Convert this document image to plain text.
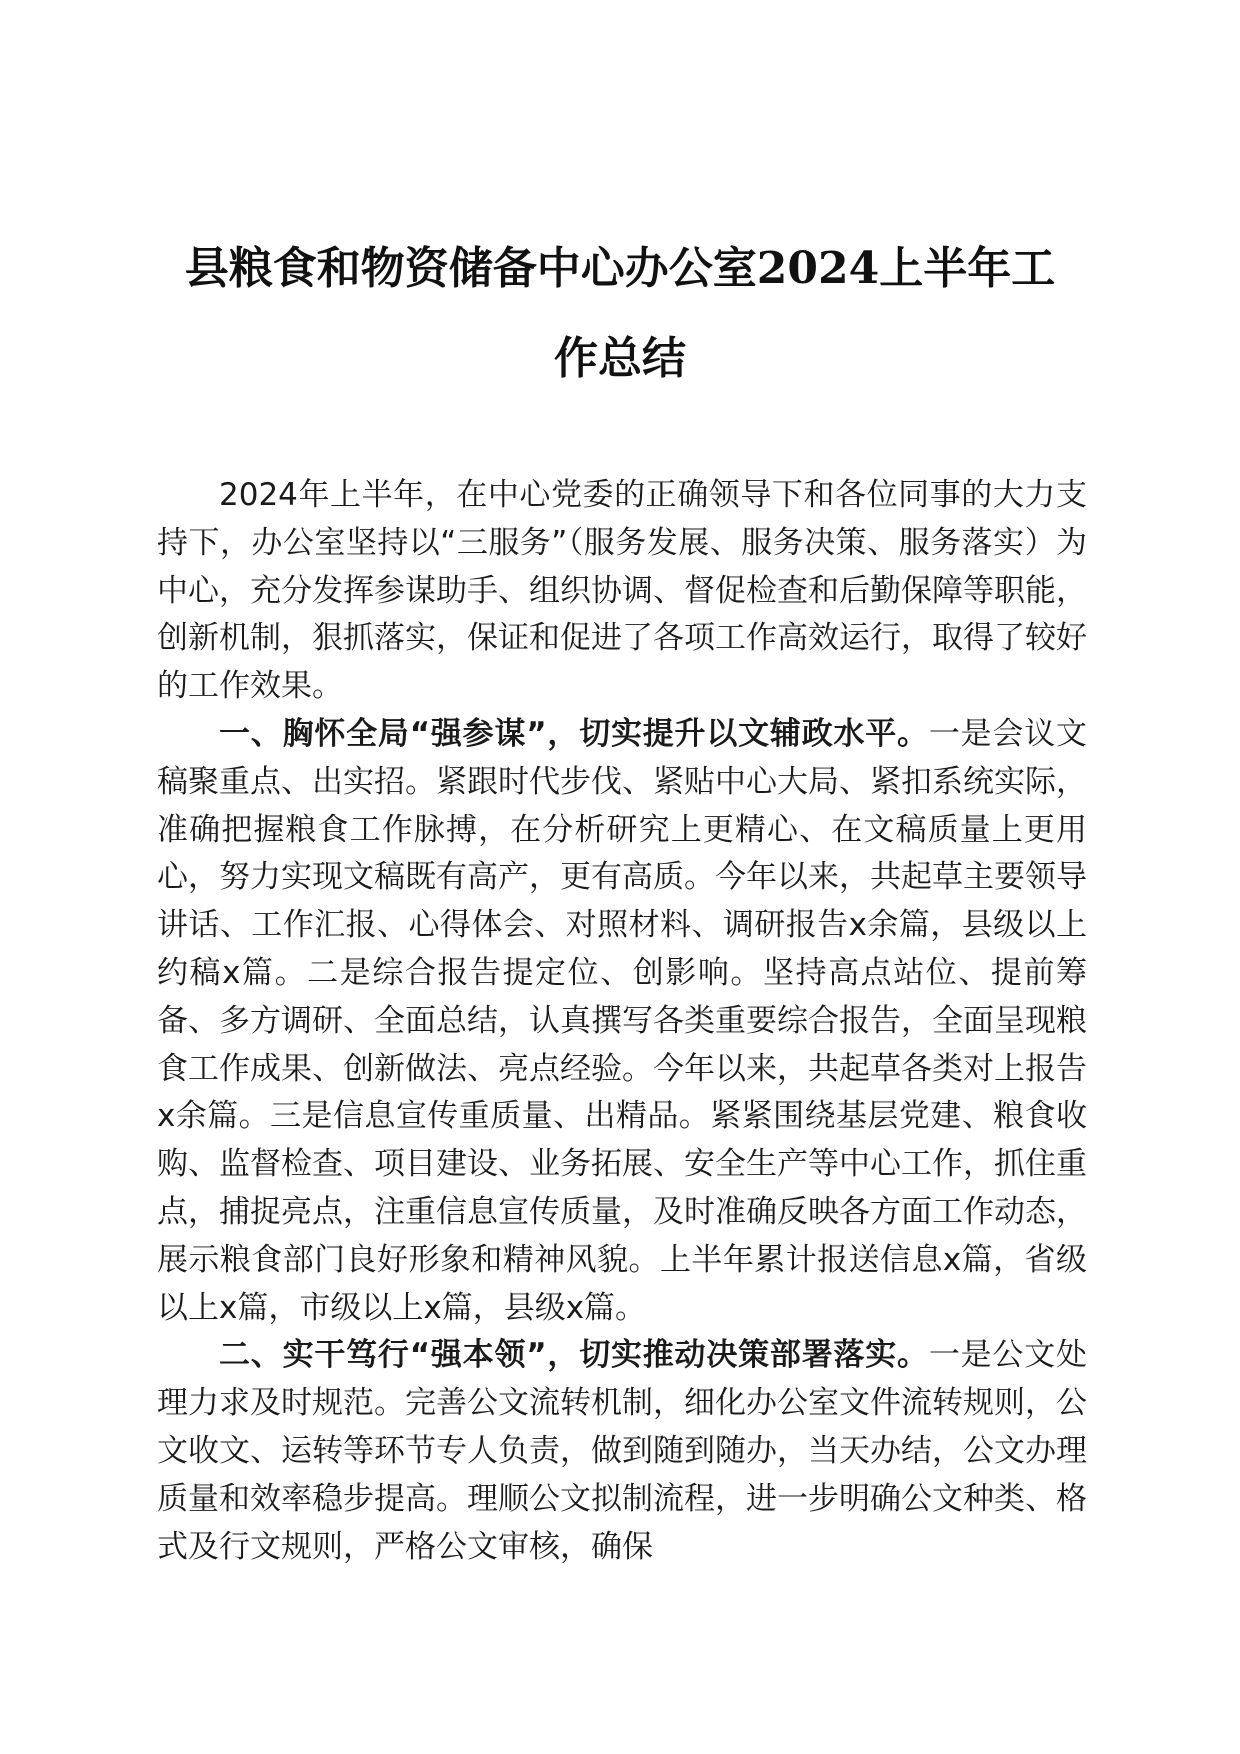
县粮食和物资储备中心办公室2024上半年工
作总结

2024年上半年，在中心党委的正确领导下和各位同事的大力支持下，办公室坚持以“三服务”（服务发展、服务决策、服务落实）为中心，充分发挥参谋助手、组织协调、督促检查和后勤保障等职能，创新机制，狠抓落实，保证和促进了各项工作高效运行，取得了较好的工作效果。

一、胸怀全局“强参谋”，切实提升以文辅政水平。一是会议文稿聚重点、出实招。紧跟时代步伐、紧贴中心大局、紧扣系统实际，准确把握粮食工作脉搏，在分析研究上更精心、在文稿质量上更用心，努力实现文稿既有高产，更有高质。今年以来，共起草主要领导讲话、工作汇报、心得体会、对照材料、调研报告x余篇，县级以上约稿x篇。二是综合报告提定位、创影响。坚持高点站位、提前筹备、多方调研、全面总结，认真撰写各类重要综合报告，全面呈现粮食工作成果、创新做法、亮点经验。今年以来，共起草各类对上报告x余篇。三是信息宣传重质量、出精品。紧紧围绕基层党建、粮食收购、监督检查、项目建设、业务拓展、安全生产等中心工作，抓住重点，捕捉亮点，注重信息宣传质量，及时准确反映各方面工作动态，展示粮食部门良好形象和精神风貌。上半年累计报送信息x篇，省级以上x篇，市级以上x篇，县级x篇。

二、实干笃行“强本领”，切实推动决策部署落实。一是公文处理力求及时规范。完善公文流转机制，细化办公室文件流转规则，公文收文、运转等环节专人负责，做到随到随办，当天办结，公文办理质量和效率稳步提高。理顺公文拟制流程，进一步明确公文种类、格式及行文规则，严格公文审核，确保
